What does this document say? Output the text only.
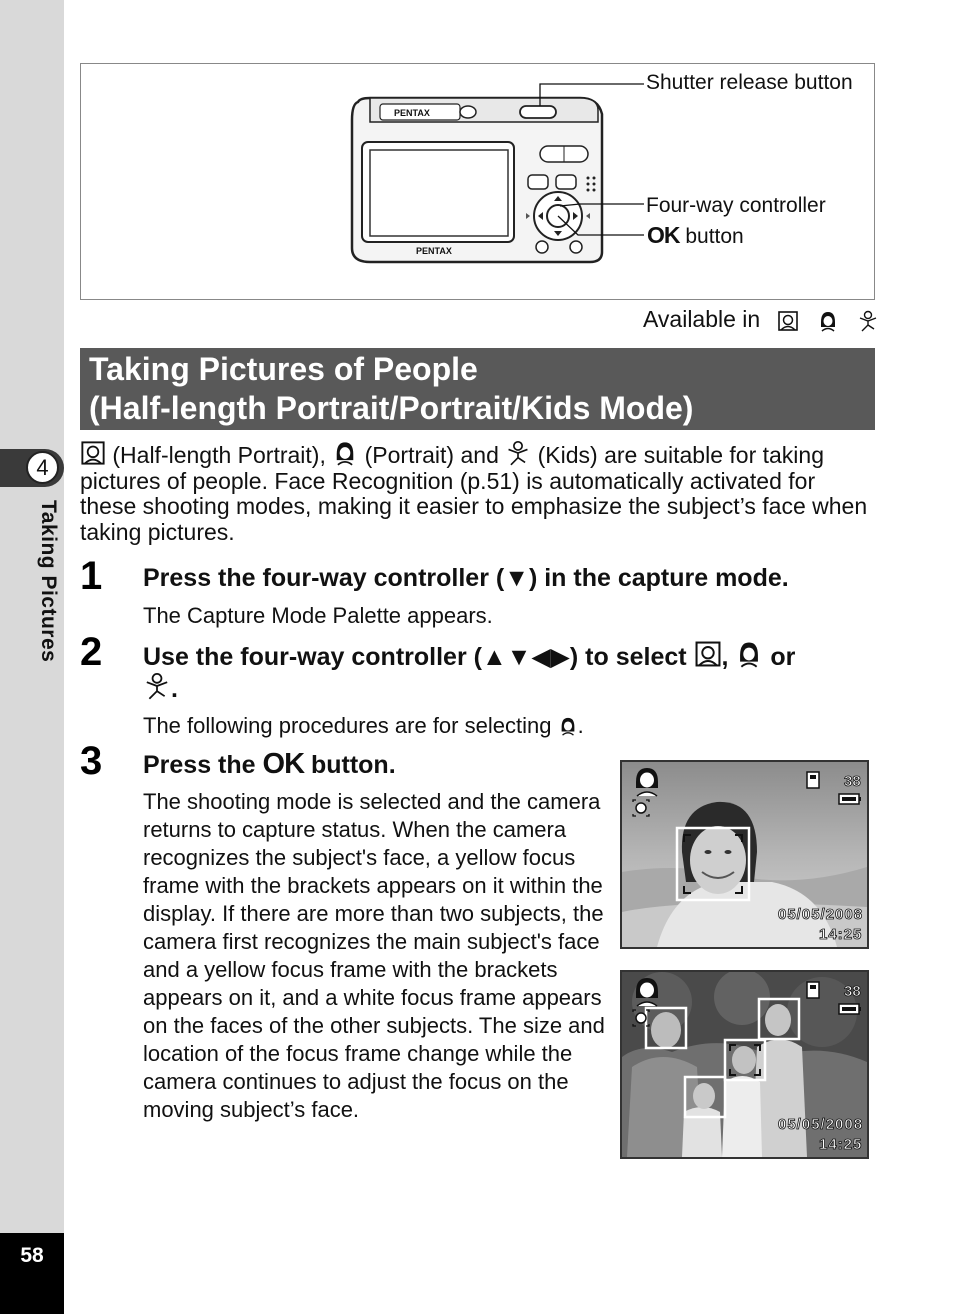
4
Taking Pictures
58
PENTAX
PENTAX
Shutter release button
Four-way controller
OK button
Available in
Taking Pictures of People
(Half-length Portrait/Portrait/Kids Mode)
(Half-length Portrait),  (Portrait) and  (Kids) are suitable for taking pictures of people. Face Recognition (p.51) is automatically activated for these shooting modes, making it easier to emphasize the subject’s face when taking pictures.
1 Press the four-way controller (▼) in the capture mode.
The Capture Mode Palette appears.
2 Use the four-way controller (▲▼◀▶) to select ,  or
.
The following procedures are for selecting .
3 Press the OK button.
The shooting mode is selected and the camera returns to capture status. When the camera recognizes the subject's face, a yellow focus frame with the brackets appears on it within the display. If there are more than two subjects, the camera first recognizes the main subject's face and a yellow focus frame with the brackets appears on it, and a white focus frame appears on the faces of the other subjects. The size and location of the focus frame change while the camera continues to adjust the focus on the moving subject’s face.
38
05/05/2008
14:25
38
05/05/2008
14:25
